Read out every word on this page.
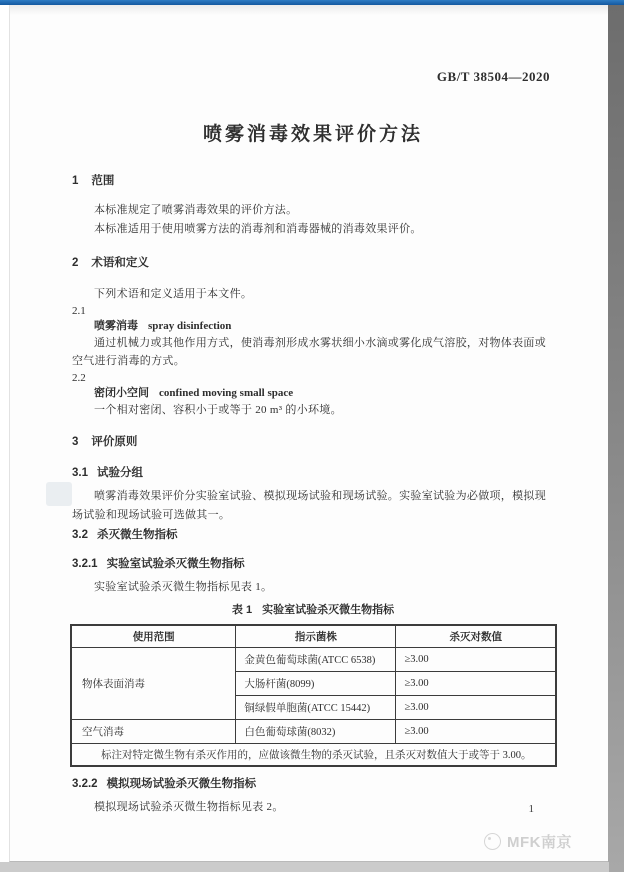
GB/T 38504—2020
喷雾消毒效果评价方法
1 范围

本标准规定了喷雾消毒效果的评价方法。

本标准适用于使用喷雾方法的消毒剂和消毒器械的消毒效果评价。

2 术语和定义

下列术语和定义适用于本文件。

2.1
喷雾消毒 spray disinfection

通过机械力或其他作用方式，使消毒剂形成水雾状细小水滴或雾化成气溶胶，对物体表面或空气进行消毒的方式。

2.2
密闭小空间 confined moving small space

一个相对密闭、容积小于或等于 20 m³ 的小环境。

3 评价原则
3.1 试验分组

喷雾消毒效果评价分实验室试验、模拟现场试验和现场试验。实验室试验为必做项，模拟现场试验和现场试验可选做其一。

3.2 杀灭微生物指标
3.2.1 实验室试验杀灭微生物指标

实验室试验杀灭微生物指标见表 1。

表 1 实验室试验杀灭微生物指标
使用范围	指示菌株	杀灭对数值
物体表面消毒	金黄色葡萄球菌(ATCC 6538)	≥3.00
	大肠杆菌(8099)	≥3.00
	铜绿假单胞菌(ATCC 15442)	≥3.00
空气消毒	白色葡萄球菌(8032)	≥3.00
标注对特定微生物有杀灭作用的，应做该微生物的杀灭试验，且杀灭对数值大于或等于 3.00。		
3.2.2 模拟现场试验杀灭微生物指标

模拟现场试验杀灭微生物指标见表 2。	1
MFK南京
